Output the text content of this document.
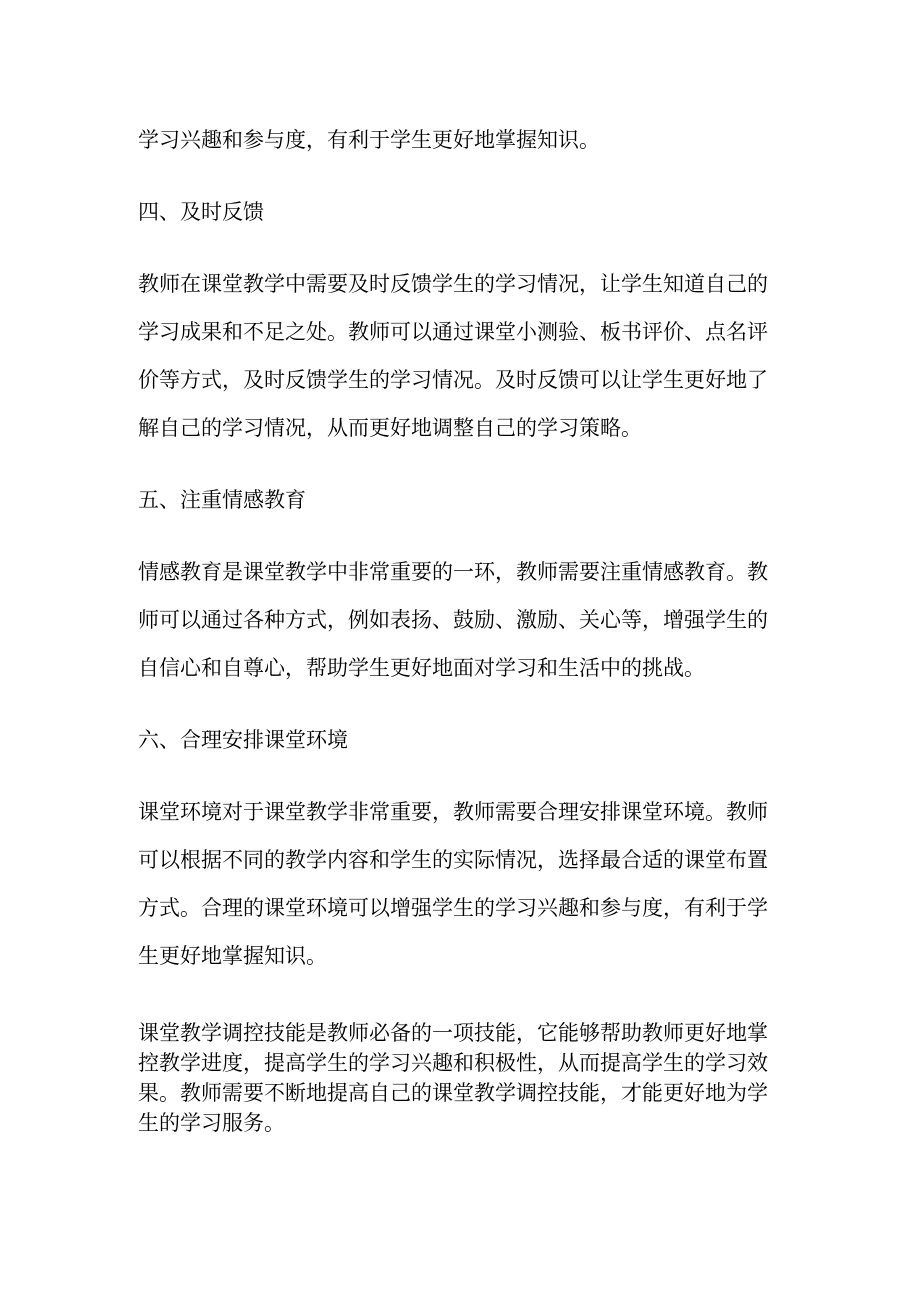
学习兴趣和参与度，有利于学生更好地掌握知识。

四、及时反馈

教师在课堂教学中需要及时反馈学生的学习情况，让学生知道自己的
学习成果和不足之处。教师可以通过课堂小测验、板书评价、点名评
价等方式，及时反馈学生的学习情况。及时反馈可以让学生更好地了
解自己的学习情况，从而更好地调整自己的学习策略。

五、注重情感教育

情感教育是课堂教学中非常重要的一环，教师需要注重情感教育。教
师可以通过各种方式，例如表扬、鼓励、激励、关心等，增强学生的
自信心和自尊心，帮助学生更好地面对学习和生活中的挑战。

六、合理安排课堂环境

课堂环境对于课堂教学非常重要，教师需要合理安排课堂环境。教师
可以根据不同的教学内容和学生的实际情况，选择最合适的课堂布置
方式。合理的课堂环境可以增强学生的学习兴趣和参与度，有利于学
生更好地掌握知识。

课堂教学调控技能是教师必备的一项技能，它能够帮助教师更好地掌
控教学进度，提高学生的学习兴趣和积极性，从而提高学生的学习效
果。教师需要不断地提高自己的课堂教学调控技能，才能更好地为学
生的学习服务。
